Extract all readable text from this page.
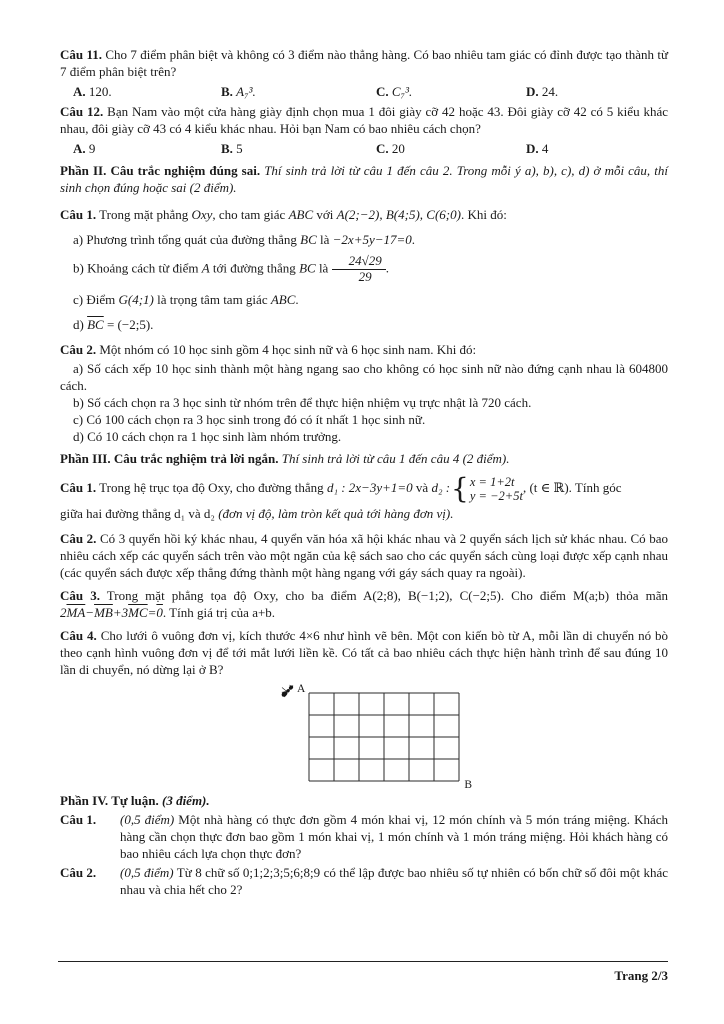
Câu 11. Cho 7 điểm phân biệt và không có 3 điểm nào thẳng hàng. Có bao nhiêu tam giác có đỉnh được tạo thành từ 7 điểm phân biệt trên?

A. 120.	B. A₇³.	C. C₇³.	D. 24.

Câu 12. Bạn Nam vào một cửa hàng giày định chọn mua 1 đôi giày cỡ 42 hoặc 43. Đôi giày cỡ 42 có 5 kiểu khác nhau, đôi giày cỡ 43 có 4 kiểu khác nhau. Hỏi bạn Nam có bao nhiêu cách chọn?

A. 9	B. 5	C. 20	D. 4

Phần II. Câu trắc nghiệm đúng sai. Thí sinh trả lời từ câu 1 đến câu 2. Trong mỗi ý a), b), c), d) ở mỗi câu, thí sinh chọn đúng hoặc sai (2 điểm).

Câu 1. Trong mặt phẳng Oxy, cho tam giác ABC với A(2;−2), B(4;5), C(6;0). Khi đó:

a) Phương trình tổng quát của đường thẳng BC là −2x+5y−17=0.

b) Khoảng cách từ điểm A tới đường thẳng BC là $\frac{24√29}{29}$ .

c) Điểm G(4;1) là trọng tâm tam giác ABC.

d) $\overline{BC}$ = (−2;5).

Câu 2. Một nhóm có 10 học sinh gồm 4 học sinh nữ và 6 học sinh nam. Khi đó:

a) Số cách xếp 10 học sinh thành một hàng ngang sao cho không có học sinh nữ nào đứng cạnh nhau là 604800 cách.

b) Số cách chọn ra 3 học sinh từ nhóm trên để thực hiện nhiệm vụ trực nhật là 720 cách.

c) Có 100 cách chọn ra 3 học sinh trong đó có ít nhất 1 học sinh nữ.

d) Có 10 cách chọn ra 1 học sinh làm nhóm trưởng.

Phần III. Câu trắc nghiệm trả lời ngắn. Thí sinh trả lời từ câu 1 đến câu 4 (2 điểm).

Câu 1. Trong hệ trục tọa độ Oxy, cho đường thẳng d₁ : 2x−3y+1=0 và d₂ : { x = 1+2t
y = −2+5t
, (t ∈ ℝ). Tính góc

giữa hai đường thẳng d₁ và d₂ (đơn vị độ, làm tròn kết quả tới hàng đơn vị).

Câu 2. Có 3 quyển hồi ký khác nhau, 4 quyển văn hóa xã hội khác nhau và 2 quyển sách lịch sử khác nhau. Có bao nhiêu cách xếp các quyển sách trên vào một ngăn của kệ sách sao cho các quyển sách cùng loại được xếp cạnh nhau (các quyển sách được xếp thẳng đứng thành một hàng ngang với gáy sách quay ra ngoài).

Câu 3. Trong mặt phẳng tọa độ Oxy, cho ba điểm A(2;8), B(−1;2), C(−2;5). Cho điểm M(a;b) thỏa mãn $2\overline{MA}-\overline{MB}+3\overline{MC}=0$. Tính giá trị của a+b.

Câu 4. Cho lưới ô vuông đơn vị, kích thước 4×6 như hình vẽ bên. Một con kiến bò từ A, mỗi lần di chuyển nó bò theo cạnh hình vuông đơn vị để tới mắt lưới liền kề. Có tất cả bao nhiêu cách thực hiện hành trình để sau đúng 10 lần di chuyển, nó dừng lại ở B?

A
B

Phần IV. Tự luận. (3 điểm).

Câu 1.	(0,5 điểm) Một nhà hàng có thực đơn gồm 4 món khai vị, 12 món chính và 5 món tráng miệng. Khách hàng cần chọn thực đơn bao gồm 1 món khai vị, 1 món chính và 1 món tráng miệng. Hỏi khách hàng có bao nhiêu cách lựa chọn thực đơn?
Câu 2.	(0,5 điểm) Từ 8 chữ số 0;1;2;3;5;6;8;9 có thể lập được bao nhiêu số tự nhiên có bốn chữ số đôi một khác nhau và chia hết cho 2?
Trang 2/3
